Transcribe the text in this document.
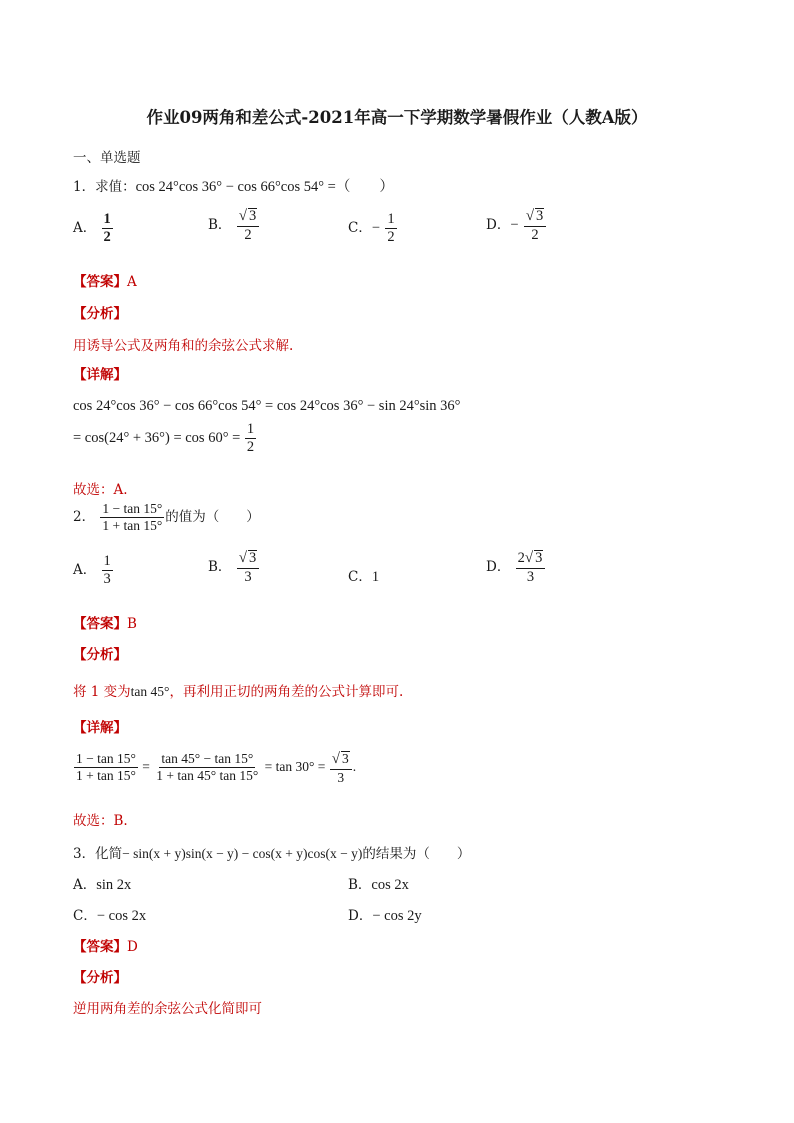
作业09两角和差公式-2021年高一下学期数学暑假作业（人教A版）
一、单选题
1．求值：cos 24°cos 36° − cos 66°cos 54° =（　　）
A． $\frac{1}{2}$	B． $\frac{√ 3}{2}$	C．− $\frac{1}{2}$	D．− $\frac{√ 3}{2}$
【答案】A
【分析】
用诱导公式及两角和的余弦公式求解.
【详解】
cos 24°cos 36° − cos 66°cos 54° = cos 24°cos 36° − sin 24°sin 36°
= $\cos(24^\circ + 36^\circ) = \cos 60^\circ = \frac{1}{2}$
故选：A.
2． $\frac{1 - \tan 15^\circ}{1 + \tan 15^\circ}$ 的值为（　　）
A． $\frac{1}{3}$	B． $\frac{√ 3}{3}$	C．1
D． $\frac{2√ 3}{3}$
【答案】B
【分析】
将 1 变为tan 45°，再利用正切的两角差的公式计算即可.
【详解】
$\frac{1 - \tan 15^\circ}{1 + \tan 15^\circ} = \frac{\tan 45^\circ - \tan 15^\circ}{1 + \tan 45^\circ \tan 15^\circ} = \tan 30^\circ = \frac{√ 3}{3}$ .
故选：B.
3．化简− sin(x + y)sin(x − y) − cos(x + y)cos(x − y)的结果为（　　）
A．sin 2x	B．cos 2x
C．− cos 2x	D．− cos 2y
【答案】D
【分析】
逆用两角差的余弦公式化简即可
